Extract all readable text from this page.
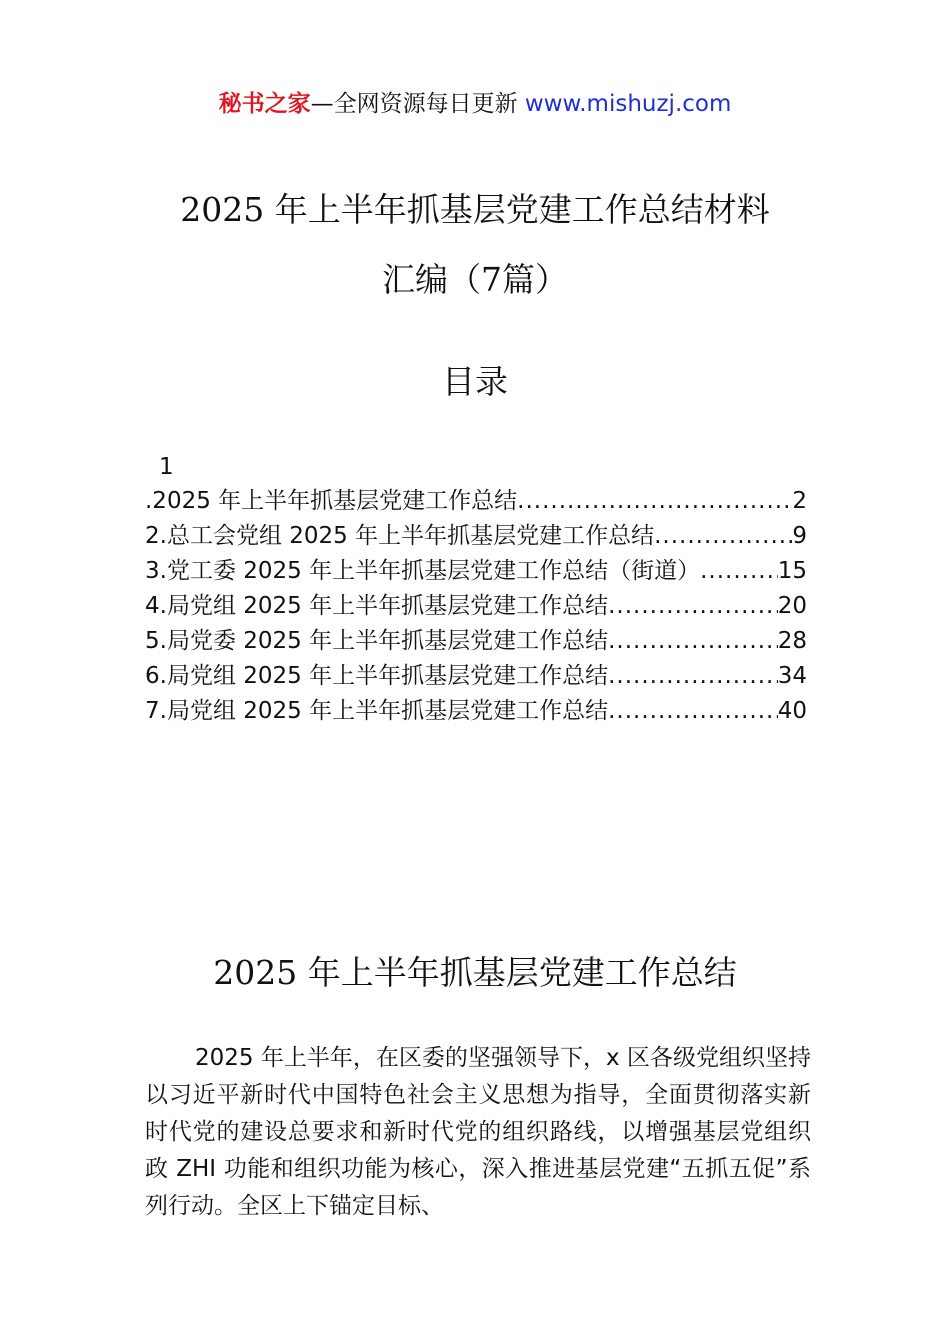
秘书之家—全网资源每日更新 www.mishuzj.com
2025 年上半年抓基层党建工作总结材料
汇编（7篇）
目录
1
.2025 年上半年抓基层党建工作总结 .....	2
2.总工会党组 2025 年上半年抓基层党建工作总结 .....	9
3.党工委 2025 年上半年抓基层党建工作总结（街道） .....	15
4.局党组 2025 年上半年抓基层党建工作总结 .....	20
5.局党委 2025 年上半年抓基层党建工作总结 .....	28
6.局党组 2025 年上半年抓基层党建工作总结 .....	34
7.局党组 2025 年上半年抓基层党建工作总结 .....	40
2025 年上半年抓基层党建工作总结
2025 年上半年，在区委的坚强领导下，x 区各级党组织坚持以习近平新时代中国特色社会主义思想为指导，全面贯彻落实新时代党的建设总要求和新时代党的组织路线，以增强基层党组织政 ZHI 功能和组织功能为核心，深入推进基层党建“五抓五促”系列行动。全区上下锚定目标、
